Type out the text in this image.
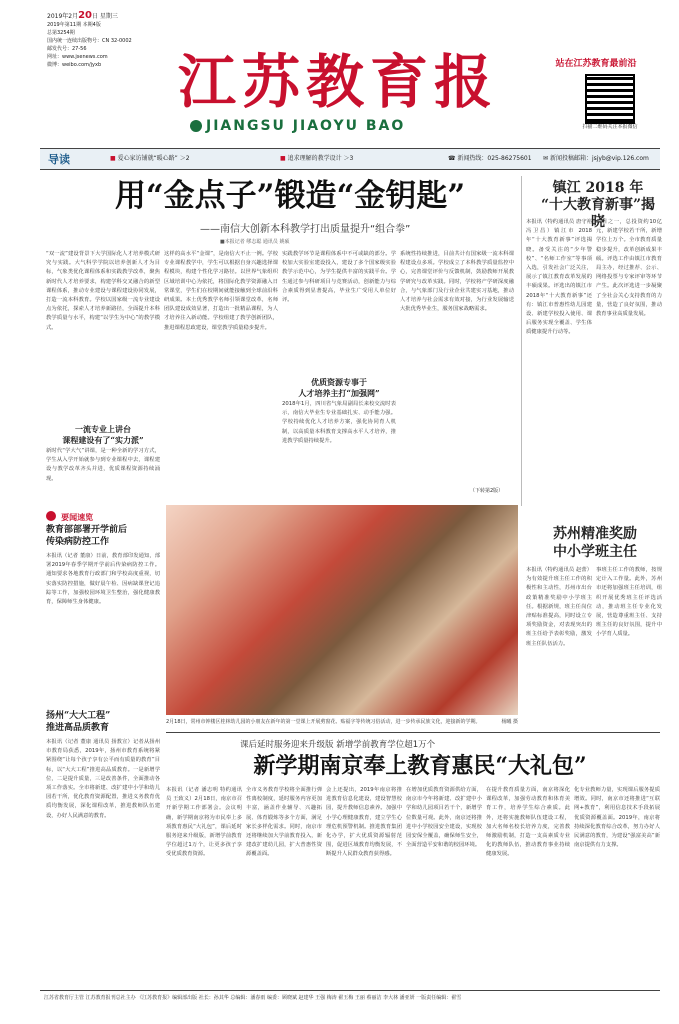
2019年2月20日 星期三
2019年第11期 本期4版
总第3254期
国内统一连续出版物号：CN 32-0002
邮发代号：27-56
网址：www.jsenews.com
微博：weibo.com/jyxb	江苏教育报
JIANGSU JIAOYU BAO
站在江苏教育最前沿
扫描二维码关注本报微信
导读	■ 爱心家访铺就“暖心路” ＞2	■ 追求理解的教学设计 ＞3	☎ 新闻热线：025-86275601 ✉ 新闻投稿邮箱：jsjyb@vip.126.com
用“金点子”锻造“金钥匙”
——南信大创新本科教学打出质量提升“组合拳”
■本报记者 缪志聪 通讯员 姚硕
“双一流”建设背景下大学国际化人才培养模式研究与实践。大气科学学院以培养创新人才为目标，气象类优化课程体系和实践教学改革，聚焦新时代人才培养要求，构建学科交叉融合的新型课程体系，推动专业建设与课程建设协同发展，打造一流本科教育。学校以国家级一流专业建设点为依托，探索人才培养新路径，全面提升本科教学质量与水平，构建“以学生为中心”的教学模式。
一流专业上讲台
课程建设有了“实力派”
新时代“学大气”讲课，是一种全新的学习方式，学生从入学开始就参与到专业课程中去，课程建设与教学改革齐头并进，优质课程资源持续涌现。
这样的高水平“金课”，是南信大不止一例。学校专业课程教学中，学生可以根据自身兴趣选择课程模块，构建个性化学习路径。以世界气象组织区域培训中心为依托，将国际化教学资源融入日常课堂，学生们在校期间就能接触到全球前沿科研成果。本土优秀教学名师引领课堂改革，名师团队建设成效显著，打造出一批精品课程，为人才培养注入新动能。学校组建了教学创新团队，推进课程思政建设，课堂教学质量稳步提升。
实践教学环节是课程体系中不可或缺的部分。学校加大实验室建设投入，建设了多个国家级实验教学示范中心，为学生提供丰富的实践平台。学生通过参与科研项目与竞赛活动，创新能力与综合素质得到显著提高，毕业生广受用人单位好评。
优质资源专事于
人才培养主打“加强网”
2018年1月，四川省气象局副局长来校交流时表示，南信大毕业生专业基础扎实、动手能力强。学校持续优化人才培养方案，强化协同育人机制，以高质量本科教育支撑高水平人才培养，推进教学质量持续提升。
系统性持续推进，目前共计有国家级一流本科课程建设点多项。学校成立了本科教学质量监控中心，完善课堂评价与反馈机制，鼓励教师开展教学研究与改革实践。同时，学校将产学研深度融合，与气象部门及行业企业共建实习基地，推动人才培养与社会需求有效对接，为行业发展输送大批优秀毕业生，服务国家战略需求。
（下转第2版）
镇江 2018 年
“十大教育新事”揭晓
本报讯（特约通讯员 唐守裕 冯卫昌）镇江市 2018 年“十大教育新事”评选揭晓。备受关注的“少年警校”、“名师工作室”等事项入选，引发社会广泛关注，展示了镇江教育改革发展的丰硕成果。评选出的镇江市2018年“十大教育新事”还有：镇江市普惠性幼儿园建设、新建学校投入使用、课后服务实现全覆盖、学生体质健康提升行动等。
项目之一，总投资约10亿元，新建学校若干所，新增学位上万个。全市教育质量稳步提升，改革创新成果丰硕。评选工作由镇江市教育局主办，经过推荐、公示、网络投票与专家评审等环节产生。此次评选进一步凝聚了全社会关心支持教育的力量，营造了良好氛围，推动教育事业高质量发展。
2月18日，常州市钟楼区桂林幼儿园的小朋友在新年的第一堂课上开展剪窗花、贴福字等传统习俗活动，进一步传承民族文化，迎接新的学期。	杨曦 摄
要闻速览
教育部部署开学前后
传染病防控工作
本报讯（记者 董康）日前，教育部印发通知，部署2019年春季学期开学前后传染病防控工作。通知要求各地教育行政部门和学校高度重视，切实落实防控措施，做好晨午检、因病缺课登记追踪等工作，加强校园环境卫生整治，强化健康教育，保障师生身体健康。
扬州“大大工程”
推进高品质教育
本报讯（记者 董康 通讯员 扬教宣）记者从扬州市教育局获悉，2019年，扬州市教育系统将紧紧围绕“让每个孩子享有公平而有质量的教育”目标，以“大大工程”推进高品质教育。一是新增学位，二是提升质量，三是改善条件，全面推动各项工作落实。全市将新建、改扩建中小学和幼儿园若干所，优化教育资源配置，推进义务教育优质均衡发展，深化课程改革，推进教师队伍建设，办好人民满意的教育。
苏州精准奖励
中小学班主任
本报讯（特约通讯员 赵蕾）为有效提升班主任工作的积极性和主动性，苏州市出台政策精准奖励中小学班主任。根据新规，班主任岗位津贴标准提高，同时设立专项奖励资金，对表现突出的班主任给予表彰奖励，激发班主任队伍活力。
事班主任工作的教师，按规定计入工作量。此外，苏州市还将加强班主任培训，组织开展优秀班主任评选活动，推动班主任专业化发展，营造尊重班主任、支持班主任的良好氛围，提升中小学育人质量。
课后延时服务迎来升级版 新增学前教育学位超1万个
新学期南京奉上教育惠民“大礼包”
本报讯（记者 潘志明 特约通讯员 王致义）2月18日，南京市召开新学期工作部署会。会议明确，新学期南京将为市民奉上多项教育惠民“大礼包”，课后延时服务迎来升级版，新增学前教育学位超过1万个，让更多孩子享受优质教育资源。
全市义务教育学校将全面推行弹性离校制度，延时服务内容更加丰富，涵盖作业辅导、兴趣拓展、体育锻炼等多个方面，满足家长多样化需求。同时，南京市还将继续加大学前教育投入，新建改扩建幼儿园，扩大普惠性资源覆盖面。
会上还提出，2019年南京将推进教育信息化建设，建设智慧校园，提升教师信息素养。加强中小学心理健康教育，建立学生心理危机预警机制。推进教育集团化办学，扩大优质资源辐射范围，促进区域教育均衡发展，不断提升人民群众教育获得感。
在增加优质教育资源供给方面，南京市今年将新建、改扩建中小学和幼儿园项目若干个，新增学位数量可观。此外，南京还将推进中小学校园安全建设，实现校园安保全覆盖，确保师生安全，全面营造平安和谐的校园环境。
在提升教育质量方面，南京将深化课程改革，加强劳动教育和体育美育工作，培养学生综合素质。此外，还将实施教师队伍建设工程，加大名师名校长培养力度，完善教师激励机制，打造一支高素质专业化的教师队伍，推动教育事业持续健康发展。
化专业教师力量，实现课后服务提质增效。同时，南京市还将推进“互联网+教育”，利用信息技术手段拓展优质资源覆盖面。2019年，南京将持续深化教育综合改革，努力办好人民满意的教育，为建设“强富美高”新南京提供有力支撑。
江苏省教育厅主管 江苏教育报刊总社主办 《江苏教育报》编辑部出版 社长：孙其华 总编辑：潘春雨 编委：顾晓斌 赵建华 王强 梅涛 翟玉梅 王丽 蔡丽洁 李大林 潘亚妍 一版责任编辑：翟雪
